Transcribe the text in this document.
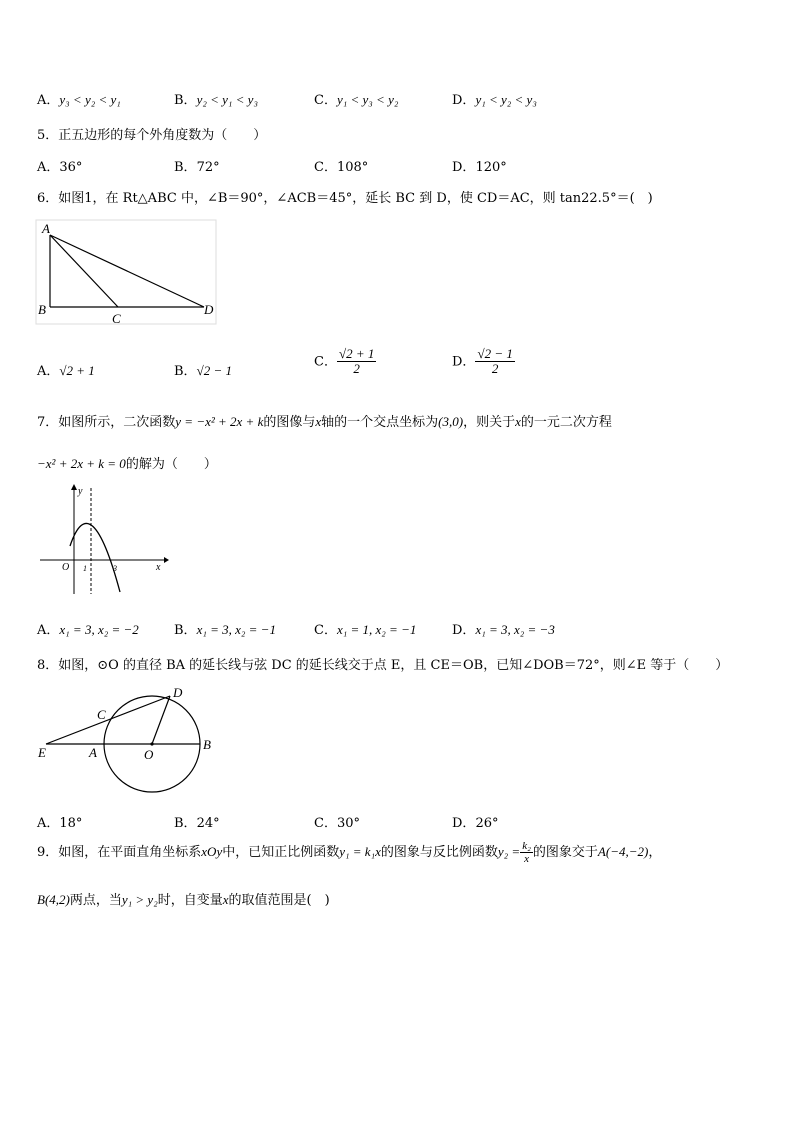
A．y₃ < y₂ < y₁	B．y₂ < y₁ < y₃	C．y₁ < y₃ < y₂	D．y₁ < y₂ < y₃
5．正五边形的每个外角度数为（　　）
A．36°	B．72°	C．108°	D．120°
6．如图1，在 Rt△ABC 中，∠B＝90°，∠ACB＝45°，延长 BC 到 D，使 CD＝AC，则 tan22.5°＝(　)
A
B
C
D
A．√2 + 1	B．√2 − 1
C． $\frac{√2 + 1}{2}$	D． $\frac{√2 - 1}{2}$
7．如图所示，二次函数y = −x² + 2x + k的图像与x轴的一个交点坐标为(3,0)，则关于x的一元二次方程
−x² + 2x + k = 0的解为（　　）
y
x
O 1	3
A．x₁ = 3, x₂ = −2	B．x₁ = 3, x₂ = −1	C．x₁ = 1, x₂ = −1	D．x₁ = 3, x₂ = −3
8．如图，⊙O 的直径 BA 的延长线与弦 DC 的延长线交于点 E，且 CE＝OB，已知∠DOB＝72°，则∠E 等于（　　）
E	A	O
B
C
D
A．18°	B．24°	C．30°	D．26°
9．如图，在平面直角坐标系xOy中，已知正比例函数y₁ = k₁x的图象与反比例函数$y_2 = \frac{\text{k₂}}{x}$ 的图象交于A(−4,−2)，
B(4,2)两点，当y₁ > y₂时，自变量x的取值范围是(　)
